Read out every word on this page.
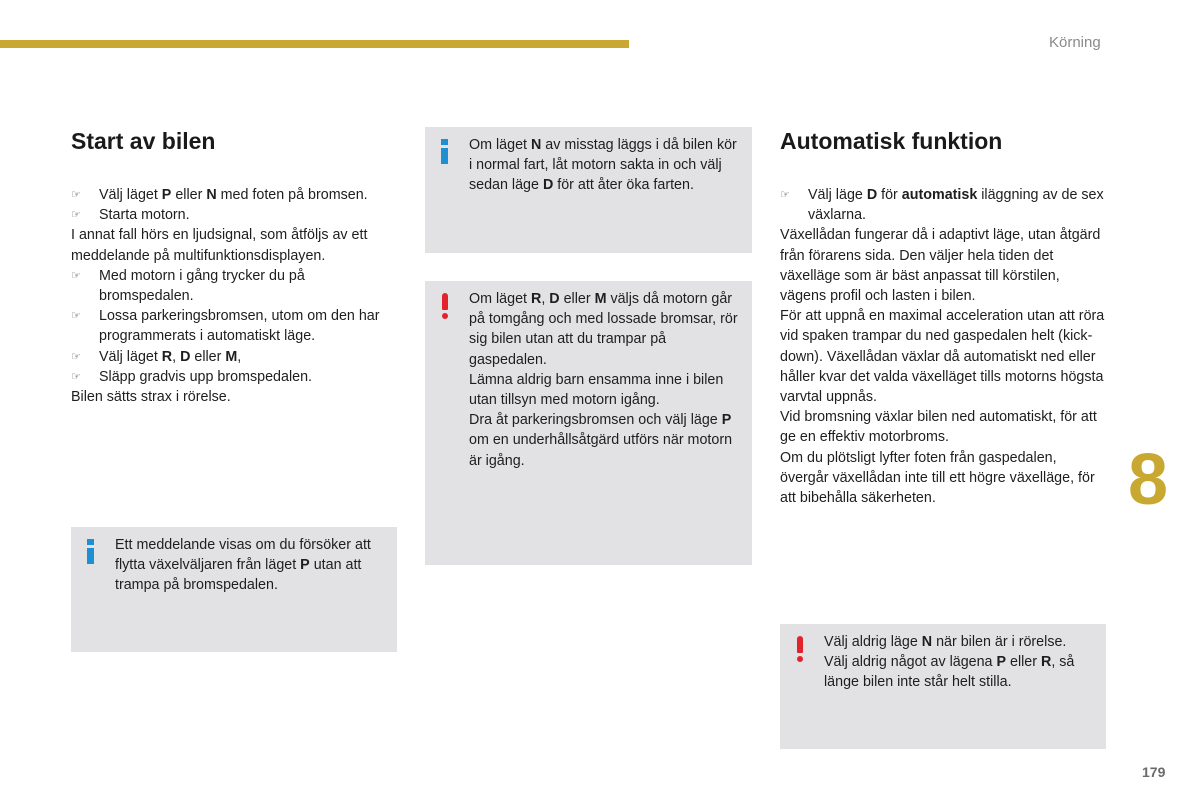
Körning
Start av bilen

☞ Välj läget P eller N med foten på bromsen.

☞ Starta motorn.

I annat fall hörs en ljudsignal, som åtföljs av ett meddelande på multifunktionsdisplayen.

☞ Med motorn i gång trycker du på bromspedalen.

☞ Lossa parkeringsbromsen, utom om den har programmerats i automatiskt läge.

☞ Välj läget R, D eller M,

☞ Släpp gradvis upp bromspedalen.

Bilen sätts strax i rörelse.

Ett meddelande visas om du försöker att flytta växelväljaren från läget P utan att trampa på bromspedalen.

Om läget N av misstag läggs i då bilen kör i normal fart, låt motorn sakta in och välj sedan läge D för att åter öka farten.

Om läget R, D eller M väljs då motorn går på tomgång och med lossade bromsar, rör sig bilen utan att du trampar på gaspedalen.

Lämna aldrig barn ensamma inne i bilen utan tillsyn med motorn igång.

Dra åt parkeringsbromsen och välj läge P om en underhållsåtgärd utförs när motorn är igång.

Automatisk funktion

☞ Välj läge D för automatisk iläggning av de sex växlarna.

Växellådan fungerar då i adaptivt läge, utan åtgärd från förarens sida. Den väljer hela tiden det växelläge som är bäst anpassat till körstilen, vägens profil och lasten i bilen.

För att uppnå en maximal acceleration utan att röra vid spaken trampar du ned gaspedalen helt (kick-down). Växellådan växlar då automatiskt ned eller håller kvar det valda växelläget tills motorns högsta varvtal uppnås.

Vid bromsning växlar bilen ned automatiskt, för att ge en effektiv motorbroms.

Om du plötsligt lyfter foten från gaspedalen, övergår växellådan inte till ett högre växelläge, för att bibehålla säkerheten.

Välj aldrig läge N när bilen är i rörelse.

Välj aldrig något av lägena P eller R, så länge bilen inte står helt stilla.

8
179
